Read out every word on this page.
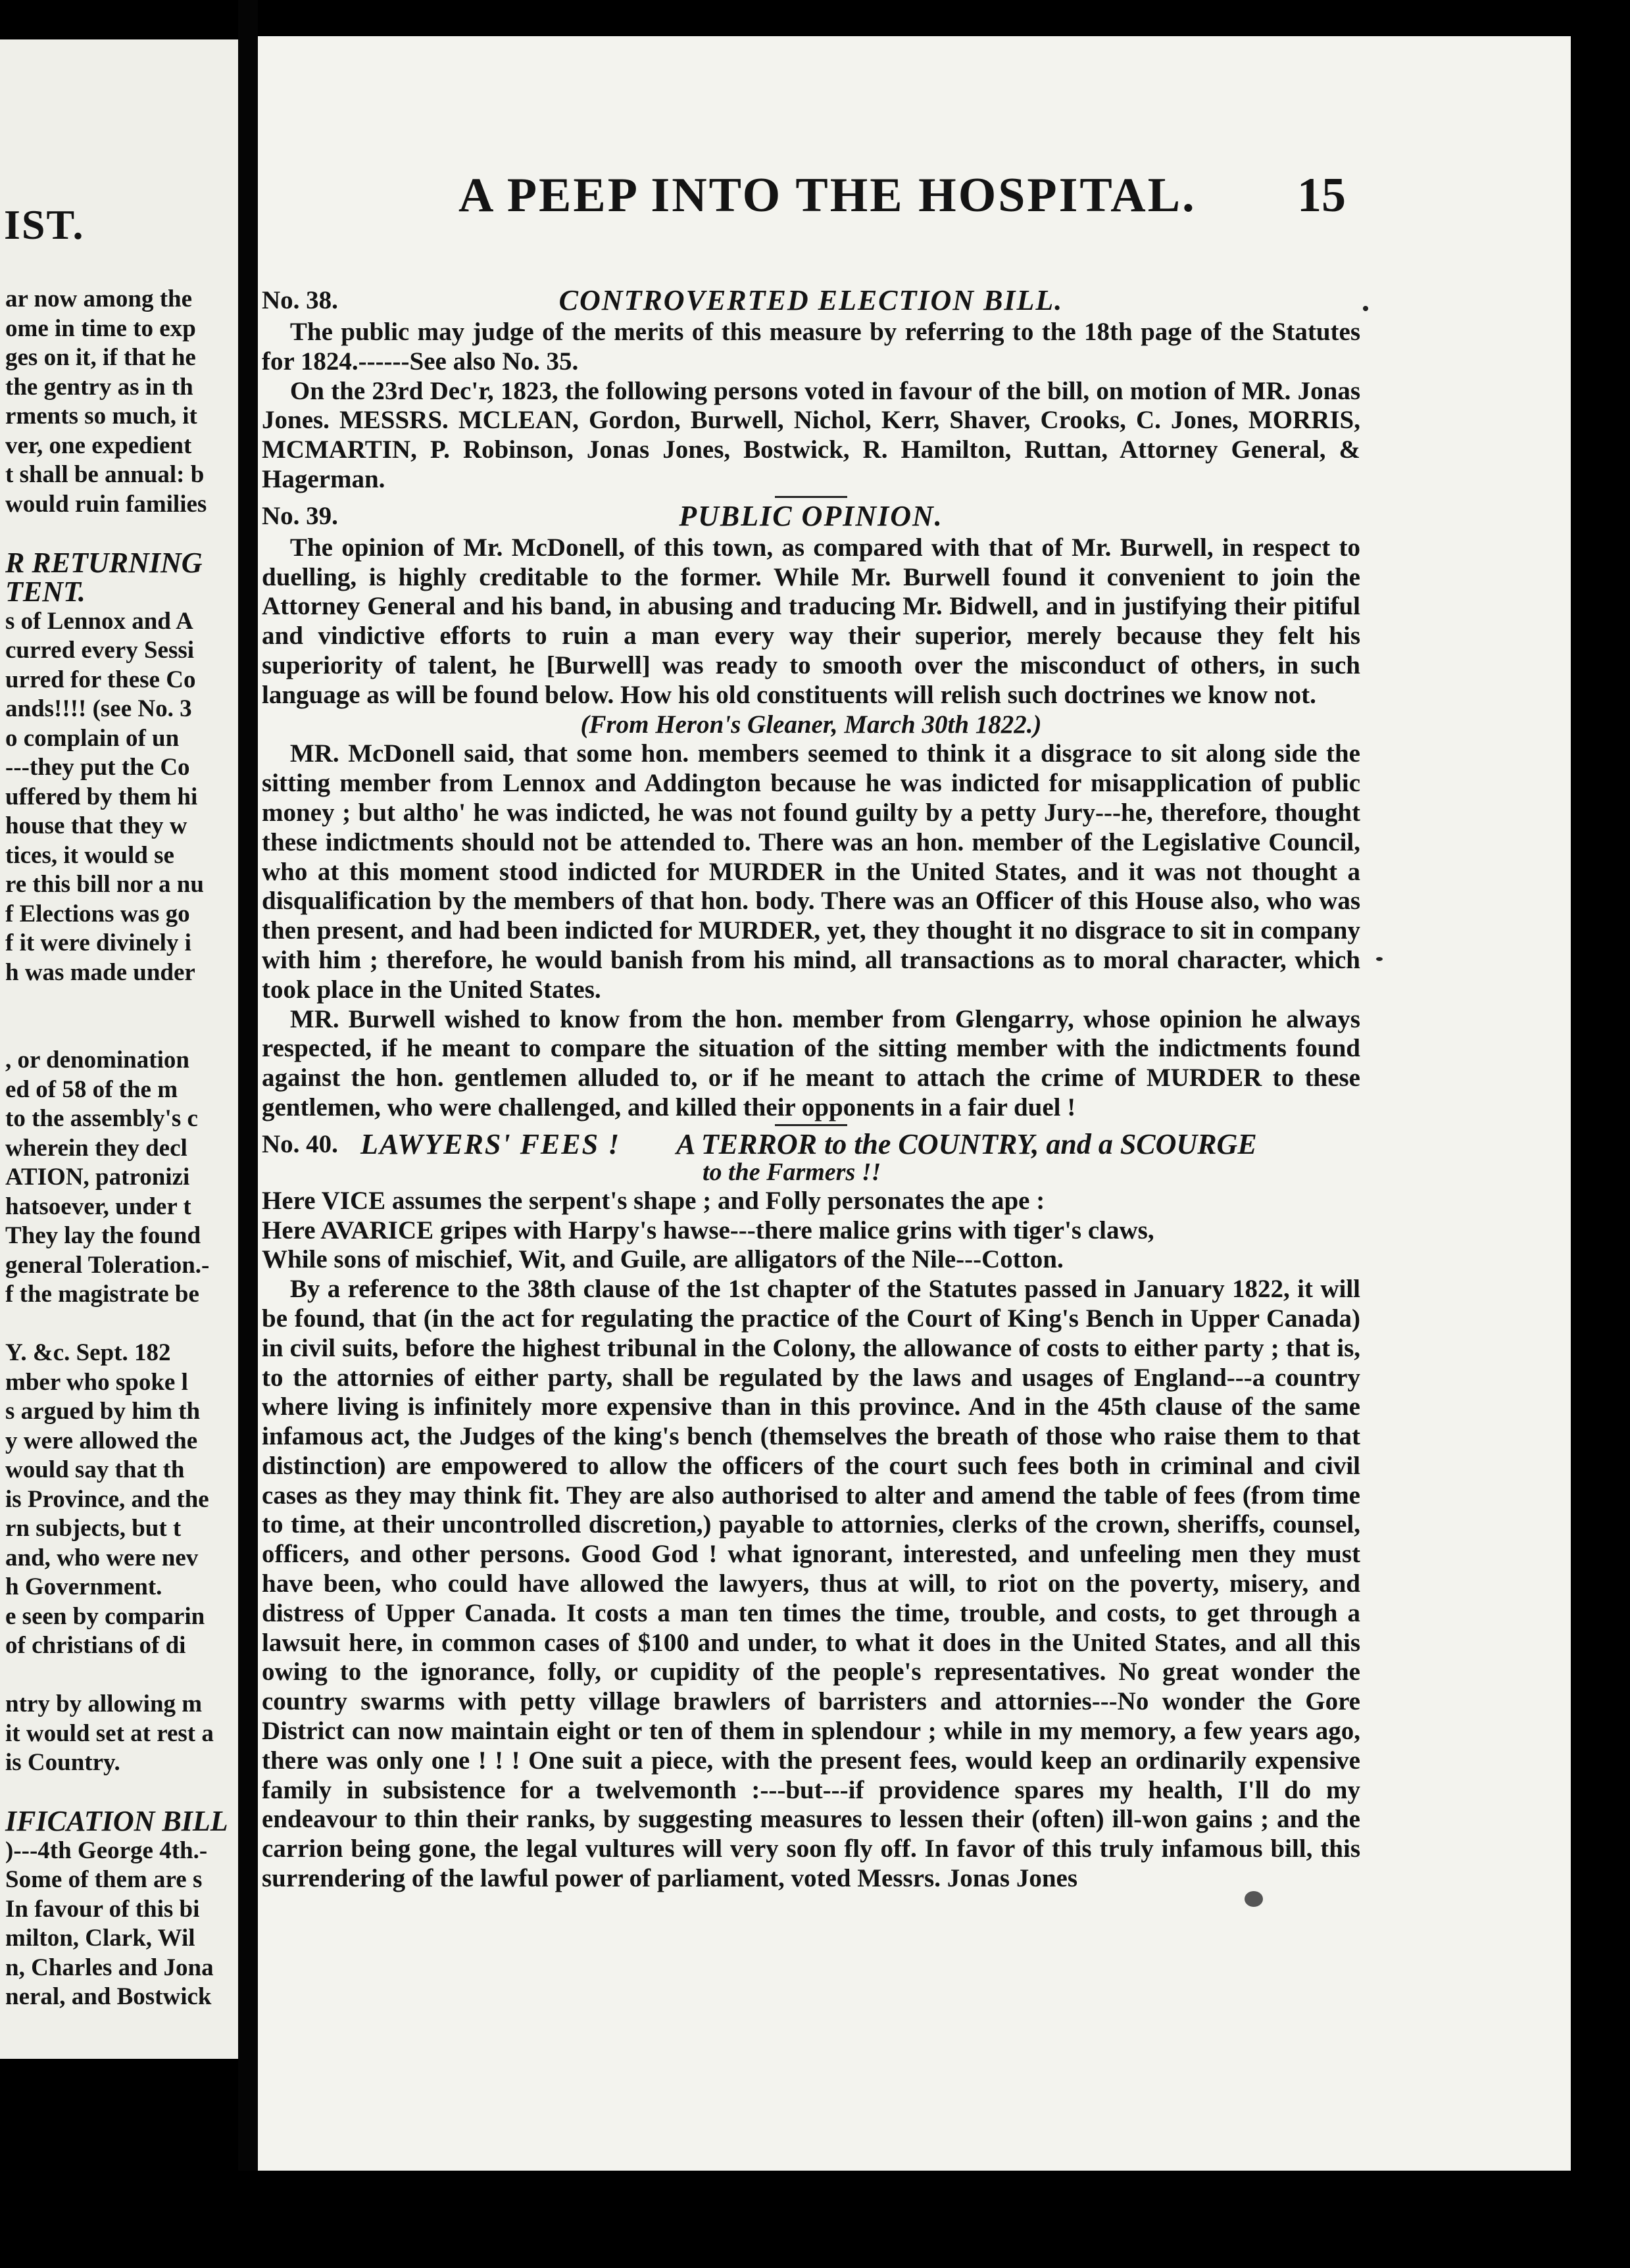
IST.
ar now among the
ome in time to exp
ges on it, if that he
the gentry as in th
rments so much, it
ver, one expedient
t shall be annual: b
would ruin families
R RETURNING
TENT.
s of Lennox and A
curred every Sessi
urred for these Co
ands!!!! (see No. 3
o complain of un
---they put the Co
uffered by them hi
house that they w
tices, it would se
re this bill nor a nu
f Elections was go
f it were divinely i
h was made under
, or denomination
ed of 58 of the m
to the assembly's c
wherein they decl
ATION, patronizi
hatsoever, under t
They lay the found
general Toleration.-
f the magistrate be
Y. &c. Sept. 182
mber who spoke l
s argued by him th
y were allowed the
would say that th
is Province, and the
rn subjects, but t
and, who were nev
h Government.
e seen by comparin
of christians of di
ntry by allowing m
it would set at rest a
is Country.
IFICATION BILL
)---4th George 4th.-
Some of them are s
In favour of this bi
milton, Clark, Wil
n, Charles and Jona
neral, and Bostwick
A PEEP INTO THE HOSPITAL. 15
No. 38.	CONTROVERTED ELECTION BILL.

The public may judge of the merits of this measure by referring to the 18th page of the Statutes for 1824.------See also No. 35.

On the 23rd Dec'r, 1823, the following persons voted in favour of the bill, on motion of MR. Jonas Jones. MESSRS. MCLEAN, Gordon, Burwell, Nichol, Kerr, Shaver, Crooks, C. Jones, MORRIS, MCMARTIN, P. Robinson, Jonas Jones, Bostwick, R. Hamilton, Ruttan, Attorney General, & Hagerman.

No. 39.	PUBLIC OPINION.

The opinion of Mr. McDonell, of this town, as compared with that of Mr. Burwell, in respect to duelling, is highly creditable to the former. While Mr. Burwell found it convenient to join the Attorney General and his band, in abusing and traducing Mr. Bidwell, and in justifying their pitiful and vindictive efforts to ruin a man every way their superior, merely because they felt his superiority of talent, he [Burwell] was ready to smooth over the misconduct of others, in such language as will be found below. How his old constituents will relish such doctrines we know not.

(From Heron's Gleaner, March 30th 1822.)

MR. McDonell said, that some hon. members seemed to think it a disgrace to sit along side the sitting member from Lennox and Addington because he was indicted for misapplication of public money ; but altho' he was indicted, he was not found guilty by a petty Jury---he, therefore, thought these indictments should not be attended to. There was an hon. member of the Legislative Council, who at this moment stood indicted for MURDER in the United States, and it was not thought a disqualification by the members of that hon. body. There was an Officer of this House also, who was then present, and had been indicted for MURDER, yet, they thought it no disgrace to sit in company with him ; therefore, he would banish from his mind, all transactions as to moral character, which took place in the United States.

MR. Burwell wished to know from the hon. member from Glengarry, whose opinion he always respected, if he meant to compare the situation of the sitting member with the indictments found against the hon. gentlemen alluded to, or if he meant to attach the crime of MURDER to these gentlemen, who were challenged, and killed their opponents in a fair duel !

No. 40. LAWYERS' FEES ! A TERROR to the COUNTRY, and a SCOURGE
to the Farmers !!
Here VICE assumes the serpent's shape ; and Folly personates the ape :
Here AVARICE gripes with Harpy's hawse---there malice grins with tiger's claws,
While sons of mischief, Wit, and Guile, are alligators of the Nile---Cotton.

By a reference to the 38th clause of the 1st chapter of the Statutes passed in January 1822, it will be found, that (in the act for regulating the practice of the Court of King's Bench in Upper Canada) in civil suits, before the highest tribunal in the Colony, the allowance of costs to either party ; that is, to the attornies of either party, shall be regulated by the laws and usages of England---a country where living is infinitely more expensive than in this province. And in the 45th clause of the same infamous act, the Judges of the king's bench (themselves the breath of those who raise them to that distinction) are empowered to allow the officers of the court such fees both in criminal and civil cases as they may think fit. They are also authorised to alter and amend the table of fees (from time to time, at their uncontrolled discretion,) payable to attornies, clerks of the crown, sheriffs, counsel, officers, and other persons. Good God ! what ignorant, interested, and unfeeling men they must have been, who could have allowed the lawyers, thus at will, to riot on the poverty, misery, and distress of Upper Canada. It costs a man ten times the time, trouble, and costs, to get through a lawsuit here, in common cases of $100 and under, to what it does in the United States, and all this owing to the ignorance, folly, or cupidity of the people's representatives. No great wonder the country swarms with petty village brawlers of barristers and attornies---No wonder the Gore District can now maintain eight or ten of them in splendour ; while in my memory, a few years ago, there was only one ! ! ! One suit a piece, with the present fees, would keep an ordinarily expensive family in subsistence for a twelvemonth :---but---if providence spares my health, I'll do my endeavour to thin their ranks, by suggesting measures to lessen their (often) ill-won gains ; and the carrion being gone, the legal vultures will very soon fly off. In favor of this truly infamous bill, this surrendering of the lawful power of parliament, voted Messrs. Jonas Jones
